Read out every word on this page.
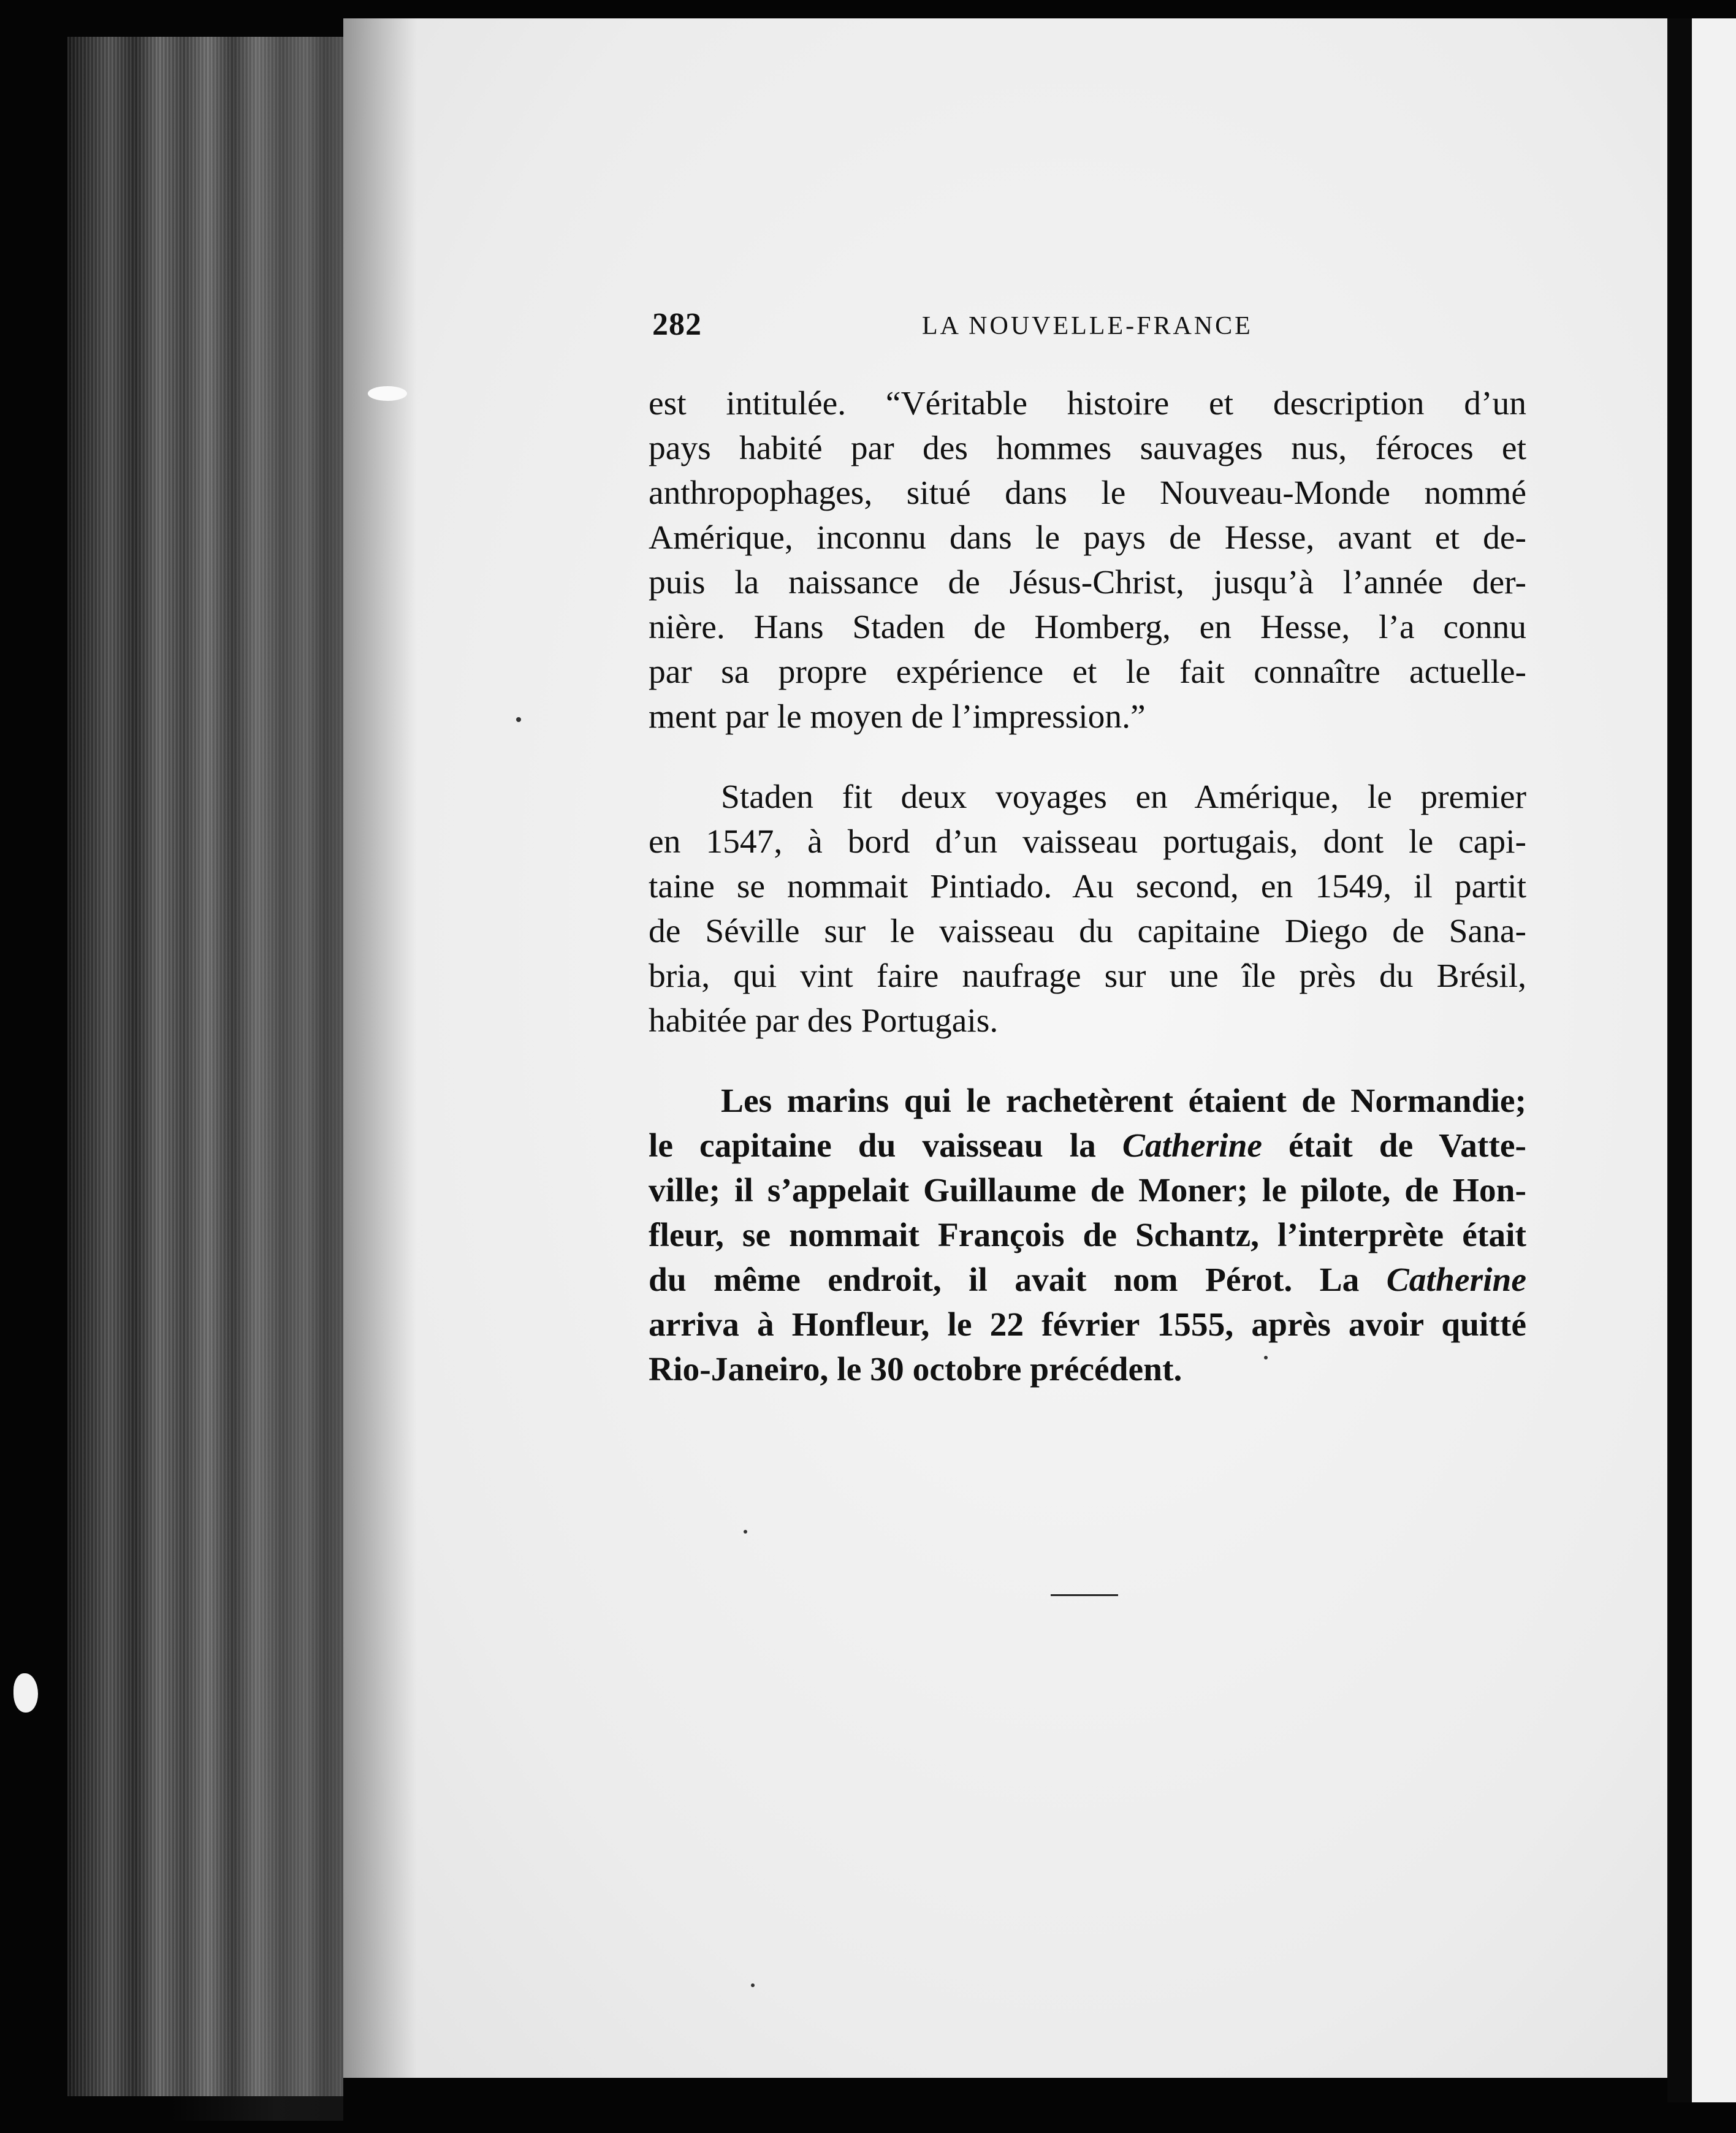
282	LA NOUVELLE-FRANCE

est intitulée. “Véritable histoire et description d’un
pays habité par des hommes sauvages nus, féroces et
anthropophages, situé dans le Nouveau-Monde nommé
Amérique, inconnu dans le pays de Hesse, avant et de-
puis la naissance de Jésus-Christ, jusqu’à l’année der-
nière. Hans Staden de Homberg, en Hesse, l’a connu
par sa propre expérience et le fait connaître actuelle-
ment par le moyen de l’impression.”

Staden fit deux voyages en Amérique, le premier
en 1547, à bord d’un vaisseau portugais, dont le capi-
taine se nommait Pintiado. Au second, en 1549, il partit
de Séville sur le vaisseau du capitaine Diego de Sana-
bria, qui vint faire naufrage sur une île près du Brésil,
habitée par des Portugais.

Les marins qui le rachetèrent étaient de Normandie;
le capitaine du vaisseau la Catherine était de Vatte-
ville; il s’appelait Guillaume de Moner; le pilote, de Hon-
fleur, se nommait François de Schantz, l’interprète était
du même endroit, il avait nom Pérot. La Catherine
arriva à Honfleur, le 22 février 1555, après avoir quitté
Rio-Janeiro, le 30 octobre précédent.
